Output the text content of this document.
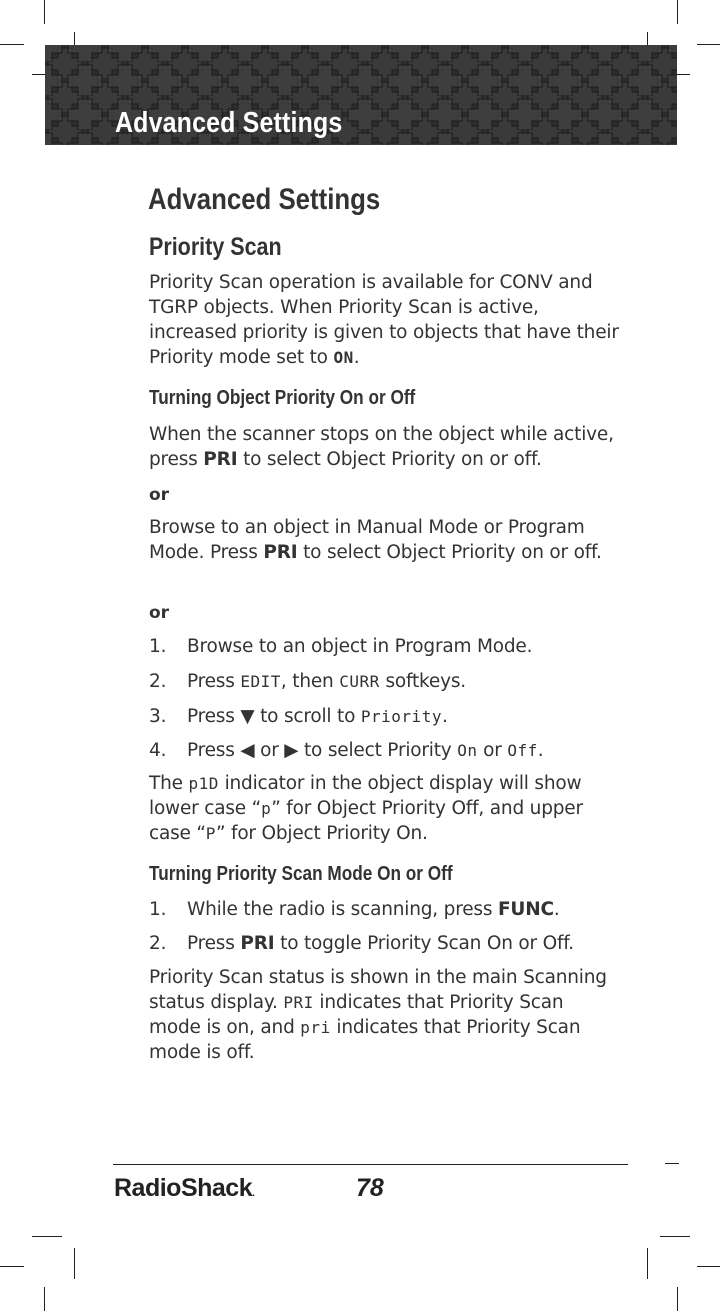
Advanced Settings
Advanced Settings
Priority Scan
Priority Scan operation is available for CONV and TGRP objects. When Priority Scan is active, increased priority is given to objects that have their Priority mode set to ON.
Turning Object Priority On or Off
When the scanner stops on the object while active, press PRI to select Object Priority on or off.
or
Browse to an object in Manual Mode or Program Mode. Press PRI to select Object Priority on or off.
or
1. Browse to an object in Program Mode.
2. Press EDIT, then CURR softkeys.
3. Press ▼ to scroll to Priority.
4. Press ◀ or ▶ to select Priority On or Off.
The p1D indicator in the object display will show lower case “p” for Object Priority Off, and upper case “P” for Object Priority On.
Turning Priority Scan Mode On or Off
1. While the radio is scanning, press FUNC.
2. Press PRI to toggle Priority Scan On or Off.
Priority Scan status is shown in the main Scanning status display. PRI indicates that Priority Scan mode is on, and pri indicates that Priority Scan mode is off.
RadioShack.	78
